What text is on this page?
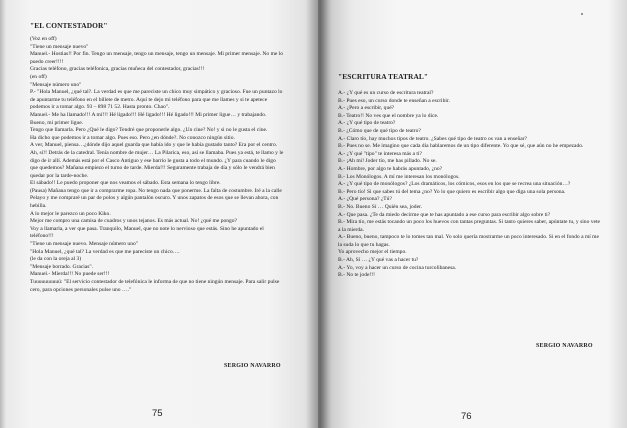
"EL CONTESTADOR"

(Voz en off)
"Tiene un mensaje nuevo"
Manuel.- Hostias!! Por fin. Tengo un mensaje, tengo un mensaje, tengo un mensaje. Mi primer mensaje. No me lo puedo creer!!!!
Gracias teléfono, gracias teléfonica, gracias muñeca del contestador, gracias!!!
(en off)
"Mensaje número uno"
P.- "Hola Manuel, ¿qué tal?. La verdad es que me pareciste un chico muy simpático y gracioso. Fue un puntazo lo de apuntarme tu teléfono en el billete de metro. Aquí te dejo mi teléfono para que me llames y si te apetece podemos ir a tomar algo. 93 – 898 71 52. Hasta pronto. Chao".
Manuel.- Me ha llamado!!! A mí!!! Hé ligado!!! Hé ligado!!! Hé ligado!!! Mi primer ligue… y trabajando.
Bueno, mi primer ligue.
Tengo que llamarla. Pero ¿Qué le digo? Tendré que proponerle algo. ¿Un cine? No! y si no le gusta el cine.
Ha dicho que podemos ir a tomar algo. Pues eso. Pero ¿en dónde?. No conozco ningún sitio.
A ver, Manuel, piensa…¿dónde dijo aquel guarda que había ido y que le había gustado tanto? Era por el centro. Ah, sí!! Detrás de la catedral. Tenía nombre de mujer… La Pilarica, eso, así se llamaba. Pues ya está, te llamo y le digo de ir allí. Además está por el Casco Antiguo y ese barrio le gusta a todo el mundo. ¿Y para cuando le digo que quedemos? Mañana empiezo el turno de tarde. Mierda!!! Seguramente trabaja de día y sólo le vendrá bien quedar por la tarde-noche.
El sábado!! Le puedo proponer que nos veamos el sábado. Esta semana lo tengo libre.
(Pausa) Mañana tengo que ir a comprarme ropa. No tengo nada que ponerme. La falta de costumbre. Iré a la calle Pelayo y me compraré un par de polos y algún pantalón oscuro. Y unos zapatos de esos que se llevan ahora, con hebilla.
A lo mejor le parezco un poco Kiko.
Mejor me compro una camisa de cuadros y unos tejanos. Es más actual. No! ¿qué me pongo?
Voy a llamarla, a ver que pasa. Tranquilo, Manuel, que no note lo nervioso que estás. Sino he apuntado el teléfono!!!
"Tiene un mensaje nuevo. Mensaje número uno"
"Hola Manuel, ¿qué tal? La verdad es que me pareciste un chico….
(le da con la oreja al 3)
"Mensaje borrado. Gracias".
Manuel.- Mierda!!! No puede ser!!!
Tuuuuuuuuuú: "El servicio contestador de telefónica le informa de que no tiene ningún mensaje. Para salir pulse cero, para opciones personales pulse uno …."

SERGIO NAVARRO
75
"ESCRITURA TEATRAL"

A.- ¿Y qué es un curso de escritura teatral?
B.- Pues eso, un curso donde te enseñan a escribir.
A.- ¿Pero a escribir, qué?
B.- Teatro!! No ves que el nombre ya lo dice.
A.- ¿Y qué tipo de teatro?
B.- ¿Cómo que de qué tipo de teatro?
A.- Claro tío, hay muchos tipos de teatro. ¿Sabes qué tipo de teatro os van a enseñar?
B.- Pues no se. Me imagino que cada día hablaremos de un tipo diferente. Yo que sé, que aún no he empezado.
A.- ¿Y qué "tipo" te interesa más a ti?
B.- ¡Ah mi! Joder tío, me has pillado. No se.
A.- Hombre, por algo te habrás apuntado, ¿no?
B.- Los Monólogos. A mí me interesan los monólogos.
A.- ¿Y qué tipo de monólogos? ¿Los dramáticos, los cómicos, esos en los que se recrea una situación…?
B.- Pero tío! Si que sabes tú del tema ¿no? Yo lo que quiero es escribir algo que diga una sola persona.
A.- ¿Qué persona? ¿Tú?
B.- No. Bueno Sí … Quién sea, joder.
A.- Que pasa. ¿Te da miedo decirme que te has apuntado a ese curso para escribir algo sobre ti?
B.- Mira tío, me estás tocando un poco los huevos con tantas preguntas. Si tanto quieres saber, apúntate tu, y sino vete a la mierda.
A.- Bueno, bueno, tampoco te lo tomes tan mal. Yo solo quería mostrarme un poco interesado. Si en el fondo a mí me la suda lo que tu hagas.
Yo aprovecho mejor el tiempo.
B.- Ah, Sí … ¿Y qué vas a hacer tu?
A.- Yo, voy a hacer un curso de cocina turcolibanesa.
B.- No te jode!!!

SERGIO NAVARRO
76
